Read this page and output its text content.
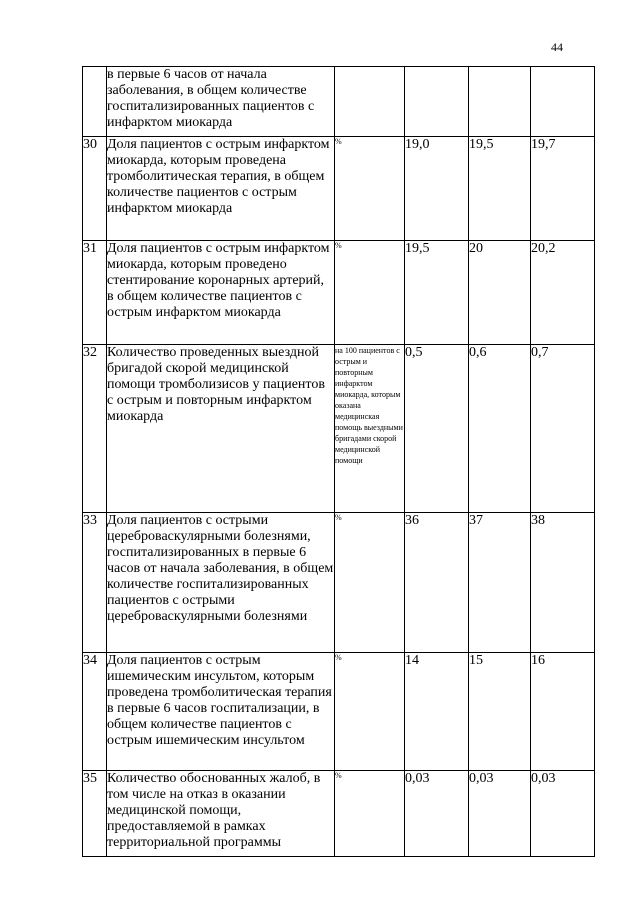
44
	в первые 6 часов от начала заболевания, в общем количестве госпитализированных пациентов с инфарктом миокарда				
30	Доля пациентов с острым инфарктом миокарда, которым проведена тромболитическая терапия, в общем количестве пациентов с острым инфарктом миокарда	%	19,0	19,5	19,7
31	Доля пациентов с острым инфарктом миокарда, которым проведено стентирование коронарных артерий, в общем количестве пациентов с острым инфарктом миокарда	%	19,5	20	20,2
32	Количество проведенных выездной бригадой скорой медицинской помощи тромболизисов у пациентов с острым и повторным инфарктом миокарда	на 100 пациентов с острым и повторным инфарктом миокарда, которым оказана медицинская помощь выездными бригадами скорой медицинской помощи	0,5	0,6	0,7
33	Доля пациентов с острыми цереброваскулярными болезнями, госпитализированных в первые 6 часов от начала заболевания, в общем количестве госпитализированных пациентов с острыми цереброваскулярными болезнями	%	36	37	38
34	Доля пациентов с острым ишемическим инсультом, которым проведена тромболитическая терапия в первые 6 часов госпитализации, в общем количестве пациентов с острым ишемическим инсультом	%	14	15	16
35	Количество обоснованных жалоб, в том числе на отказ в оказании медицинской помощи, предоставляемой в рамках территориальной программы	%	0,03	0,03	0,03
